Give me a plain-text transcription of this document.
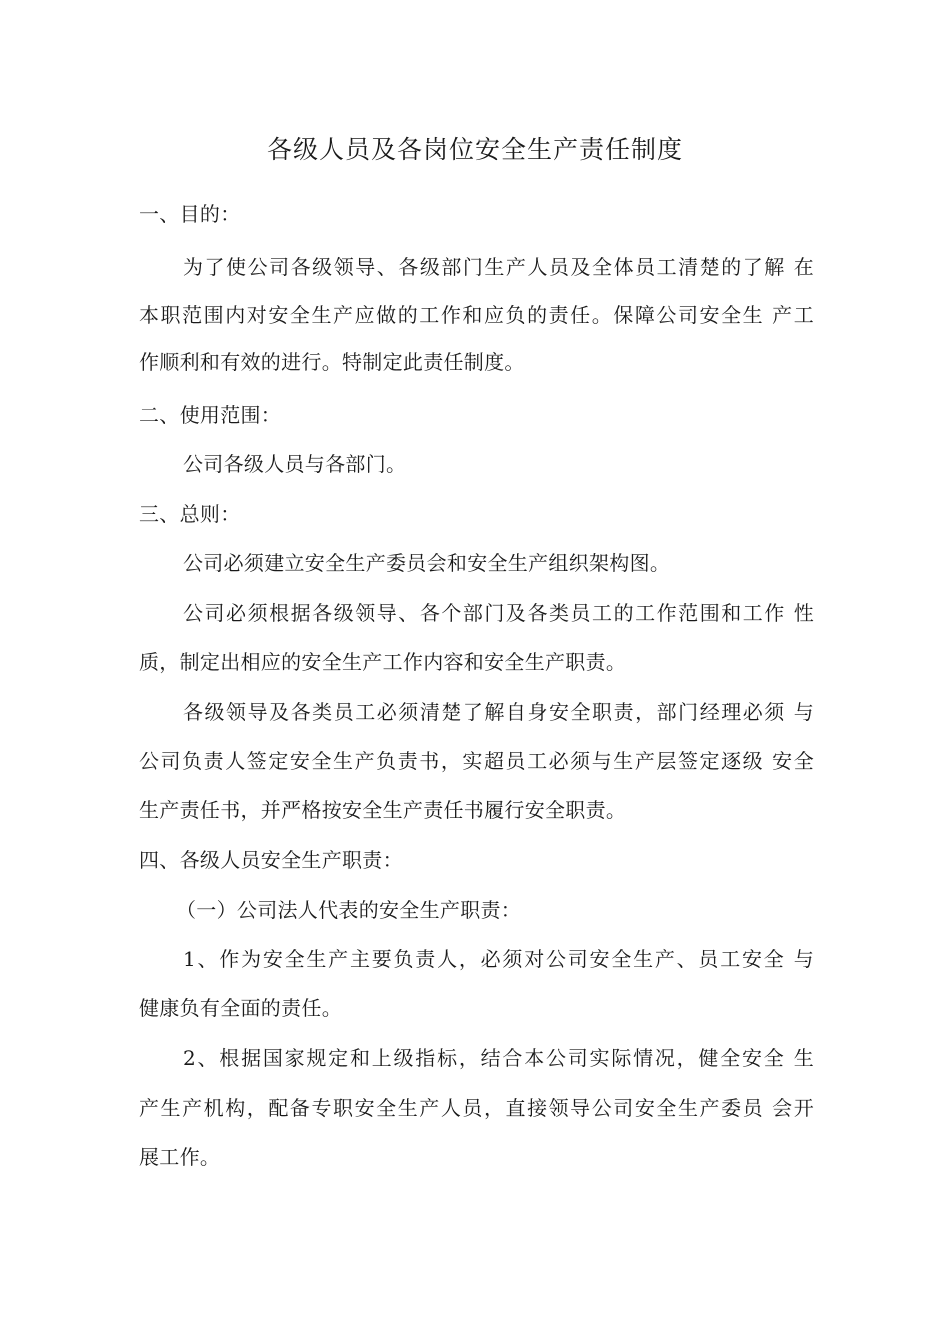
各级人员及各岗位安全生产责任制度
一、目的：
为了使公司各级领导、各级部门生产人员及全体员工清楚的了解 在
本职范围内对安全生产应做的工作和应负的责任。保障公司安全生 产工
作顺利和有效的进行。特制定此责任制度。
二、使用范围：
公司各级人员与各部门。
三、总则：
公司必须建立安全生产委员会和安全生产组织架构图。
公司必须根据各级领导、各个部门及各类员工的工作范围和工作 性
质，制定出相应的安全生产工作内容和安全生产职责。
各级领导及各类员工必须清楚了解自身安全职责，部门经理必须 与
公司负责人签定安全生产负责书，实超员工必须与生产层签定逐级 安全
生产责任书，并严格按安全生产责任书履行安全职责。
四、各级人员安全生产职责：
（一）公司法人代表的安全生产职责：
1、作为安全生产主要负责人，必须对公司安全生产、员工安全 与
健康负有全面的责任。
2、根据国家规定和上级指标，结合本公司实际情况，健全安全 生
产生产机构，配备专职安全生产人员，直接领导公司安全生产委员 会开
展工作。
